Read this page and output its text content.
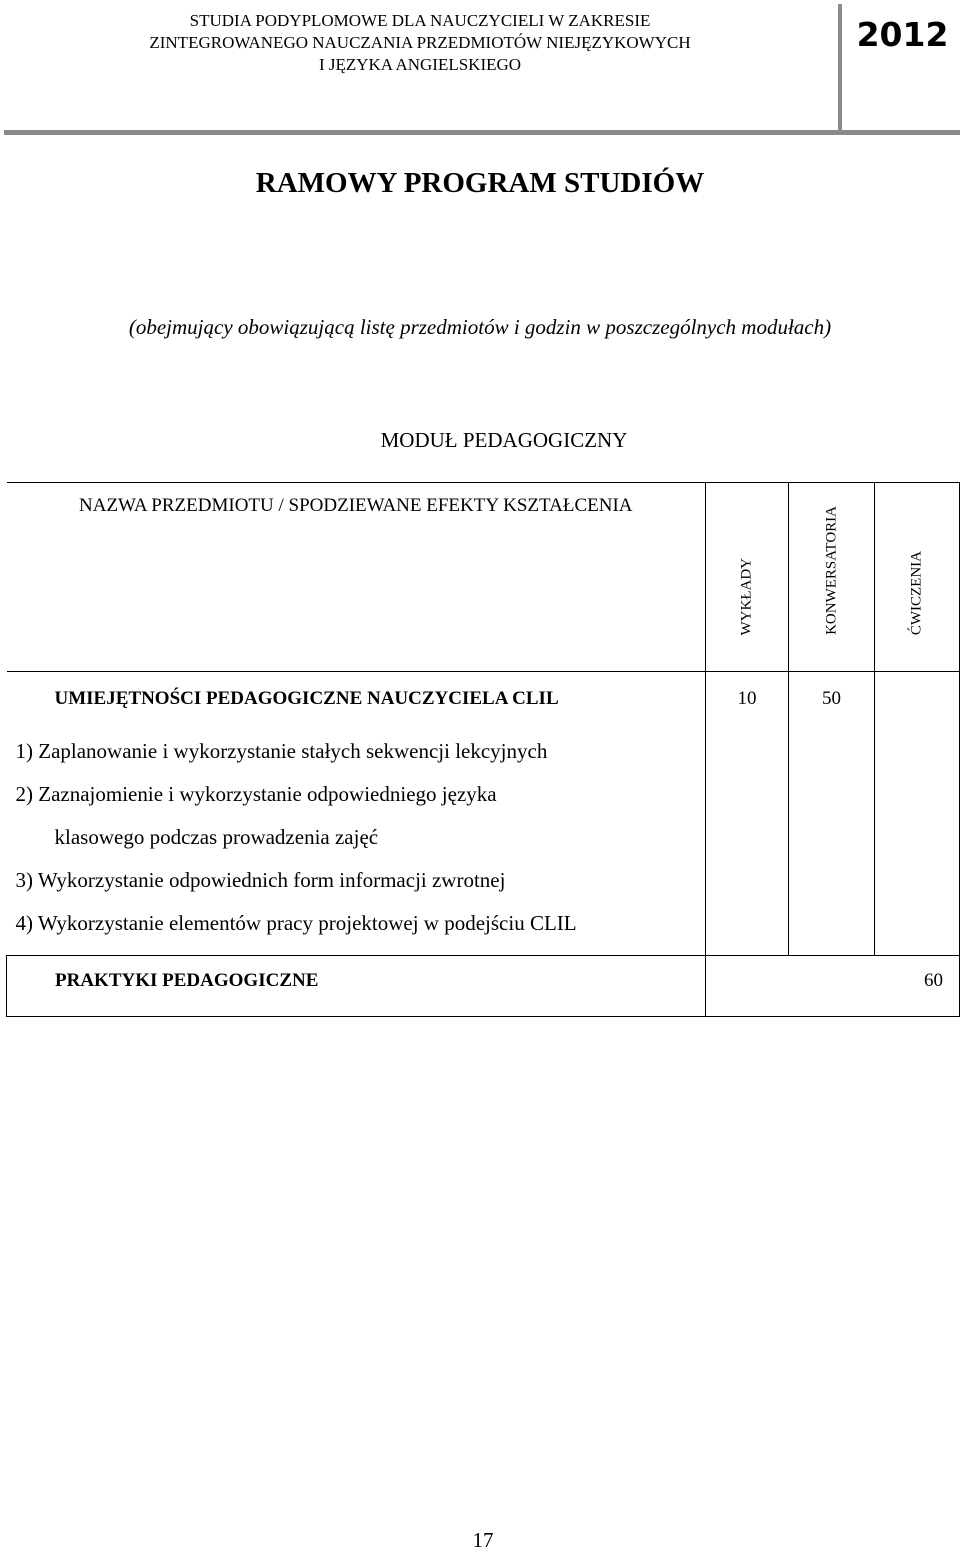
STUDIA PODYPLOMOWE DLA NAUCZYCIELI W ZAKRESIE
ZINTEGROWANEGO NAUCZANIA PRZEDMIOTÓW NIEJĘZYKOWYCH
I JĘZYKA ANGIELSKIEGO
2012
RAMOWY PROGRAM STUDIÓW
(obejmujący obowiązującą listę przedmiotów i godzin w poszczególnych modułach)
MODUŁ PEDAGOGICZNY
NAZWA PRZEDMIOTU / SPODZIEWANE EFEKTY KSZTAŁCENIA	WYKŁADY	KONWERSATORIA	ĆWICZENIA

UMIEJĘTNOŚCI PEDAGOGICZNE NAUCZYCIELA CLIL	10	50	

1) Zaplanowanie i wykorzystanie stałych sekwencji lekcyjnych
2) Zaznajomienie i wykorzystanie odpowiedniego języka
klasowego podczas prowadzenia zajęć
3) Wykorzystanie odpowiednich form informacji zwrotnej
4) Wykorzystanie elementów pracy projektowej w podejściu CLIL			

PRAKTYKI PEDAGOGICZNE	60		
17
